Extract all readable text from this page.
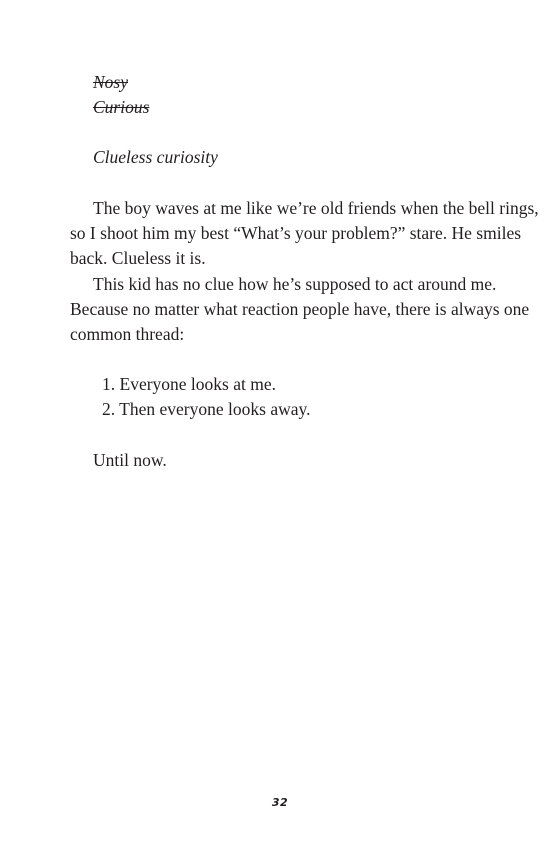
Nosy
Curious
Clueless curiosity
The boy waves at me like we’re old friends when the bell rings,
so I shoot him my best “What’s your problem?” stare. He smiles
back. Clueless it is.
This kid has no clue how he’s supposed to act around me.
Because no matter what reaction people have, there is always one
common thread:
1. Everyone looks at me.
2. Then everyone looks away.
Until now.
32
